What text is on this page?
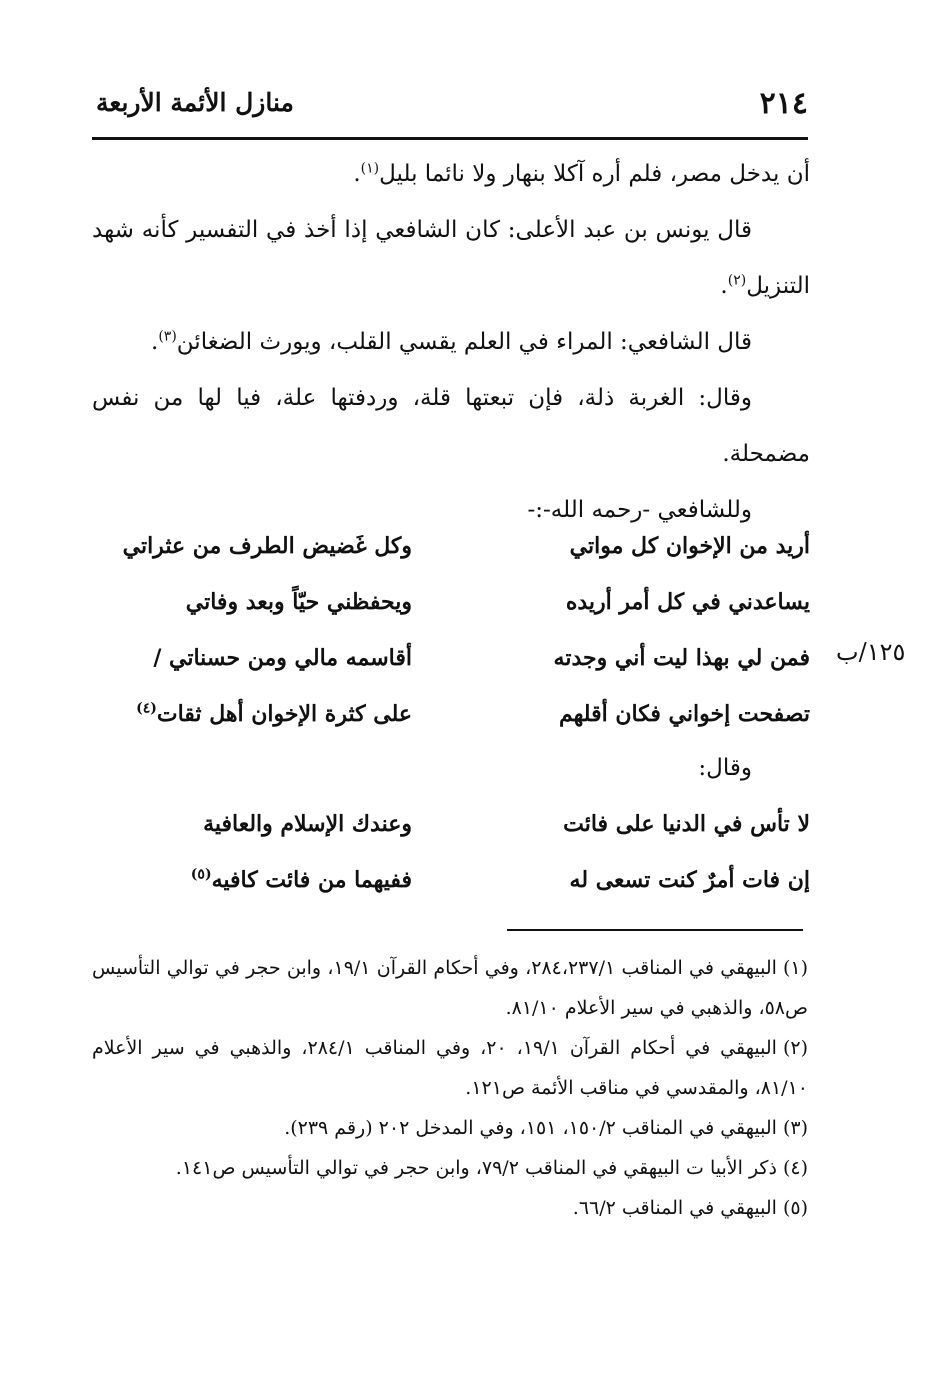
٢١٤
منازل الأئمة الأربعة

أن يدخل مصر، فلم أره آكلا بنهار ولا نائما بليل$^{(١)}$.

قال يونس بن عبد الأعلى: كان الشافعي إذا أخذ في التفسير كأنه شهد التنزيل$^{(٢)}$.

قال الشافعي: المراء في العلم يقسي القلب، ويورث الضغائن$^{(٣)}$.

وقال: الغربة ذلة، فإن تبعتها قلة، وردفتها علة، فيا لها من نفس مضمحلة.

وللشافعي -رحمه الله-:-

أريد من الإخوان كل مواتي
وكل غَضيض الطرف من عثراتي
يساعدني في كل أمر أريده
ويحفظني حيّاً وبعد وفاتي
فمن لي بهذا ليت أني وجدته
أقاسمه مالي ومن حسناتي /
تصفحت إخواني فكان أقلهم
على كثرة الإخوان أهل ثقات$^{(٤)}$
١٢٥/ب
وقال:
لا تأس في الدنيا على فائت
وعندك الإسلام والعافية
إن فات أمرٌ كنت تسعى له
ففيهما من فائت كافيه$^{(٥)}$

(١)البيهقي في المناقب ٢٨٤،٢٣٧/١، وفي أحكام القرآن ١٩/١، وابن حجر في توالي التأسيس ص٥٨، والذهبي في سير الأعلام ٨١/١٠.

(٢)البيهقي في أحكام القرآن ١٩/١، ٢٠، وفي المناقب ٢٨٤/١، والذهبي في سير الأعلام ٨١/١٠، والمقدسي في مناقب الأئمة ص١٢١.

(٣)البيهقي في المناقب ١٥٠/٢، ١٥١، وفي المدخل ٢٠٢ (رقم ٢٣٩).

(٤)ذكر الأبيا ت البيهقي في المناقب ٧٩/٢، وابن حجر في توالي التأسيس ص١٤١.

(٥)البيهقي في المناقب ٦٦/٢.
